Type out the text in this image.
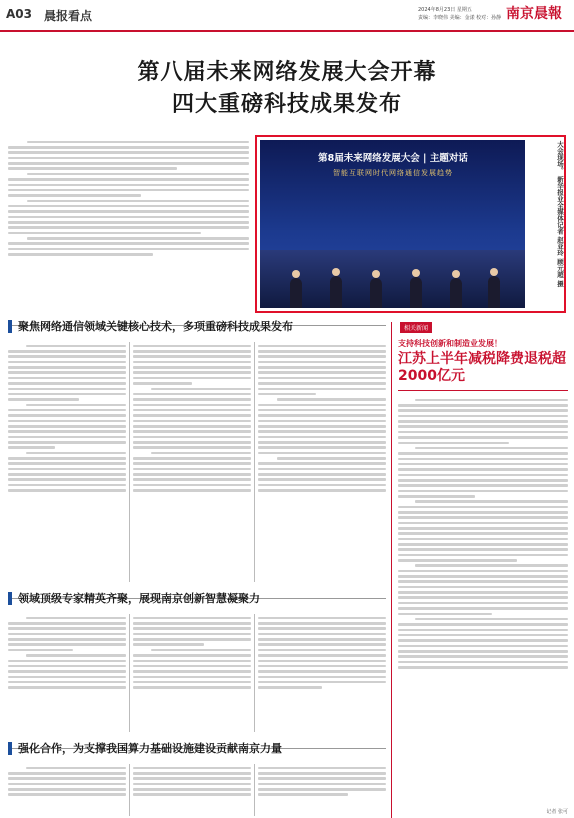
A03 晨报看点	2024年8月23日 星期五
责编：李晓伟 美编：金漾 校对：孙静 南京晨報
第八届未来网络发展大会开幕
四大重磅科技成果发布
第8届未来网络发展大会 | 主题对话
智能互联网时代网络通信发展趋势	大会现场。 新华报业全媒体记者 赵亚玲 顾元超 摄
聚焦网络通信领域关键核心技术，多项重磅科技成果发布
领域顶级专家精英齐聚，展现南京创新智慧凝聚力
强化合作，为支撑我国算力基础设施建设贡献南京力量
相关新闻
支持科技创新和制造业发展！
江苏上半年减税降费退税超2000亿元
记者 张可
